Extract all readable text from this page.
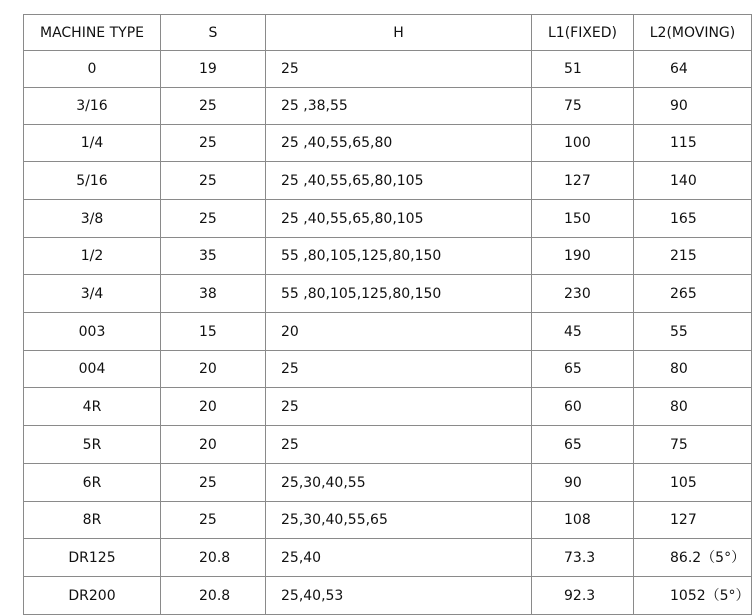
MACHINE TYPE	S	H	L1(FIXED)	L2(MOVING)
0	19	25	51	64
3/16	25	25 ,38,55	75	90
1/4	25	25 ,40,55,65,80	100	115
5/16	25	25 ,40,55,65,80,105	127	140
3/8	25	25 ,40,55,65,80,105	150	165
1/2	35	55 ,80,105,125,80,150	190	215
3/4	38	55 ,80,105,125,80,150	230	265
003	15	20	45	55
004	20	25	65	80
4R	20	25	60	80
5R	20	25	65	75
6R	25	25,30,40,55	90	105
8R	25	25,30,40,55,65	108	127
DR125	20.8	25,40	73.3	86.2（5°）
DR200	20.8	25,40,53	92.3	1052（5°）
